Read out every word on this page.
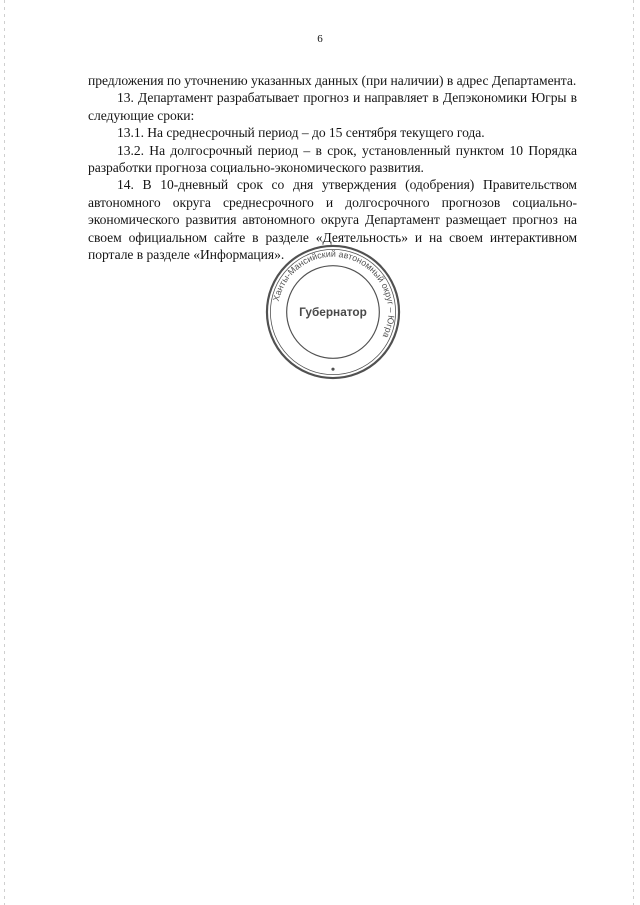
6

предложения по уточнению указанных данных (при наличии) в адрес Департамента.

13. Департамент разрабатывает прогноз и направляет в Депэкономики Югры в следующие сроки:

13.1. На среднесрочный период – до 15 сентября текущего года.

13.2. На долгосрочный период – в срок, установленный пунктом 10 Порядка разработки прогноза социально-экономического развития.

14. В 10-дневный срок со дня утверждения (одобрения) Правительством автономного округа среднесрочного и долгосрочного прогнозов социально-экономического развития автономного округа Департамент размещает прогноз на своем официальном сайте в разделе «Деятельность» и на своем интерактивном портале в разделе «Информация».

Ханты-Мансийский автономный округ – Югра
Губернатор
